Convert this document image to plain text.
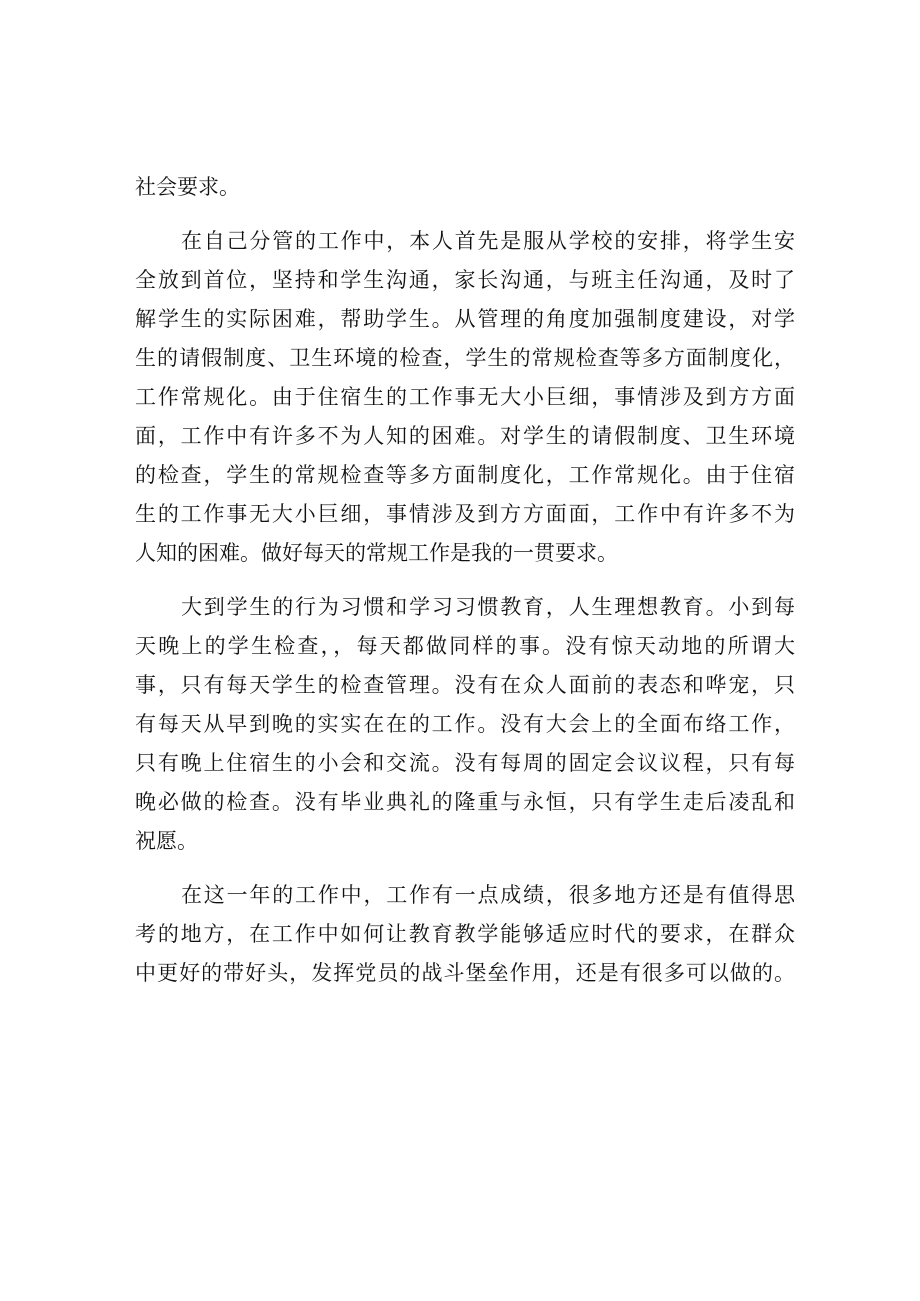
社会要求。
在自己分管的工作中，本人首先是服从学校的安排，将学生安
全放到首位，坚持和学生沟通，家长沟通，与班主任沟通，及时了
解学生的实际困难，帮助学生。从管理的角度加强制度建设，对学
生的请假制度、卫生环境的检查，学生的常规检查等多方面制度化，
工作常规化。由于住宿生的工作事无大小巨细，事情涉及到方方面
面，工作中有许多不为人知的困难。对学生的请假制度、卫生环境
的检查，学生的常规检查等多方面制度化，工作常规化。由于住宿
生的工作事无大小巨细，事情涉及到方方面面，工作中有许多不为
人知的困难。做好每天的常规工作是我的一贯要求。
大到学生的行为习惯和学习习惯教育，人生理想教育。小到每
天晚上的学生检查，，每天都做同样的事。没有惊天动地的所谓大
事，只有每天学生的检查管理。没有在众人面前的表态和哗宠，只
有每天从早到晚的实实在在的工作。没有大会上的全面布络工作，
只有晚上住宿生的小会和交流。没有每周的固定会议议程，只有每
晚必做的检查。没有毕业典礼的隆重与永恒，只有学生走后凌乱和
祝愿。
在这一年的工作中，工作有一点成绩，很多地方还是有值得思
考的地方，在工作中如何让教育教学能够适应时代的要求，在群众
中更好的带好头，发挥党员的战斗堡垒作用，还是有很多可以做的。
